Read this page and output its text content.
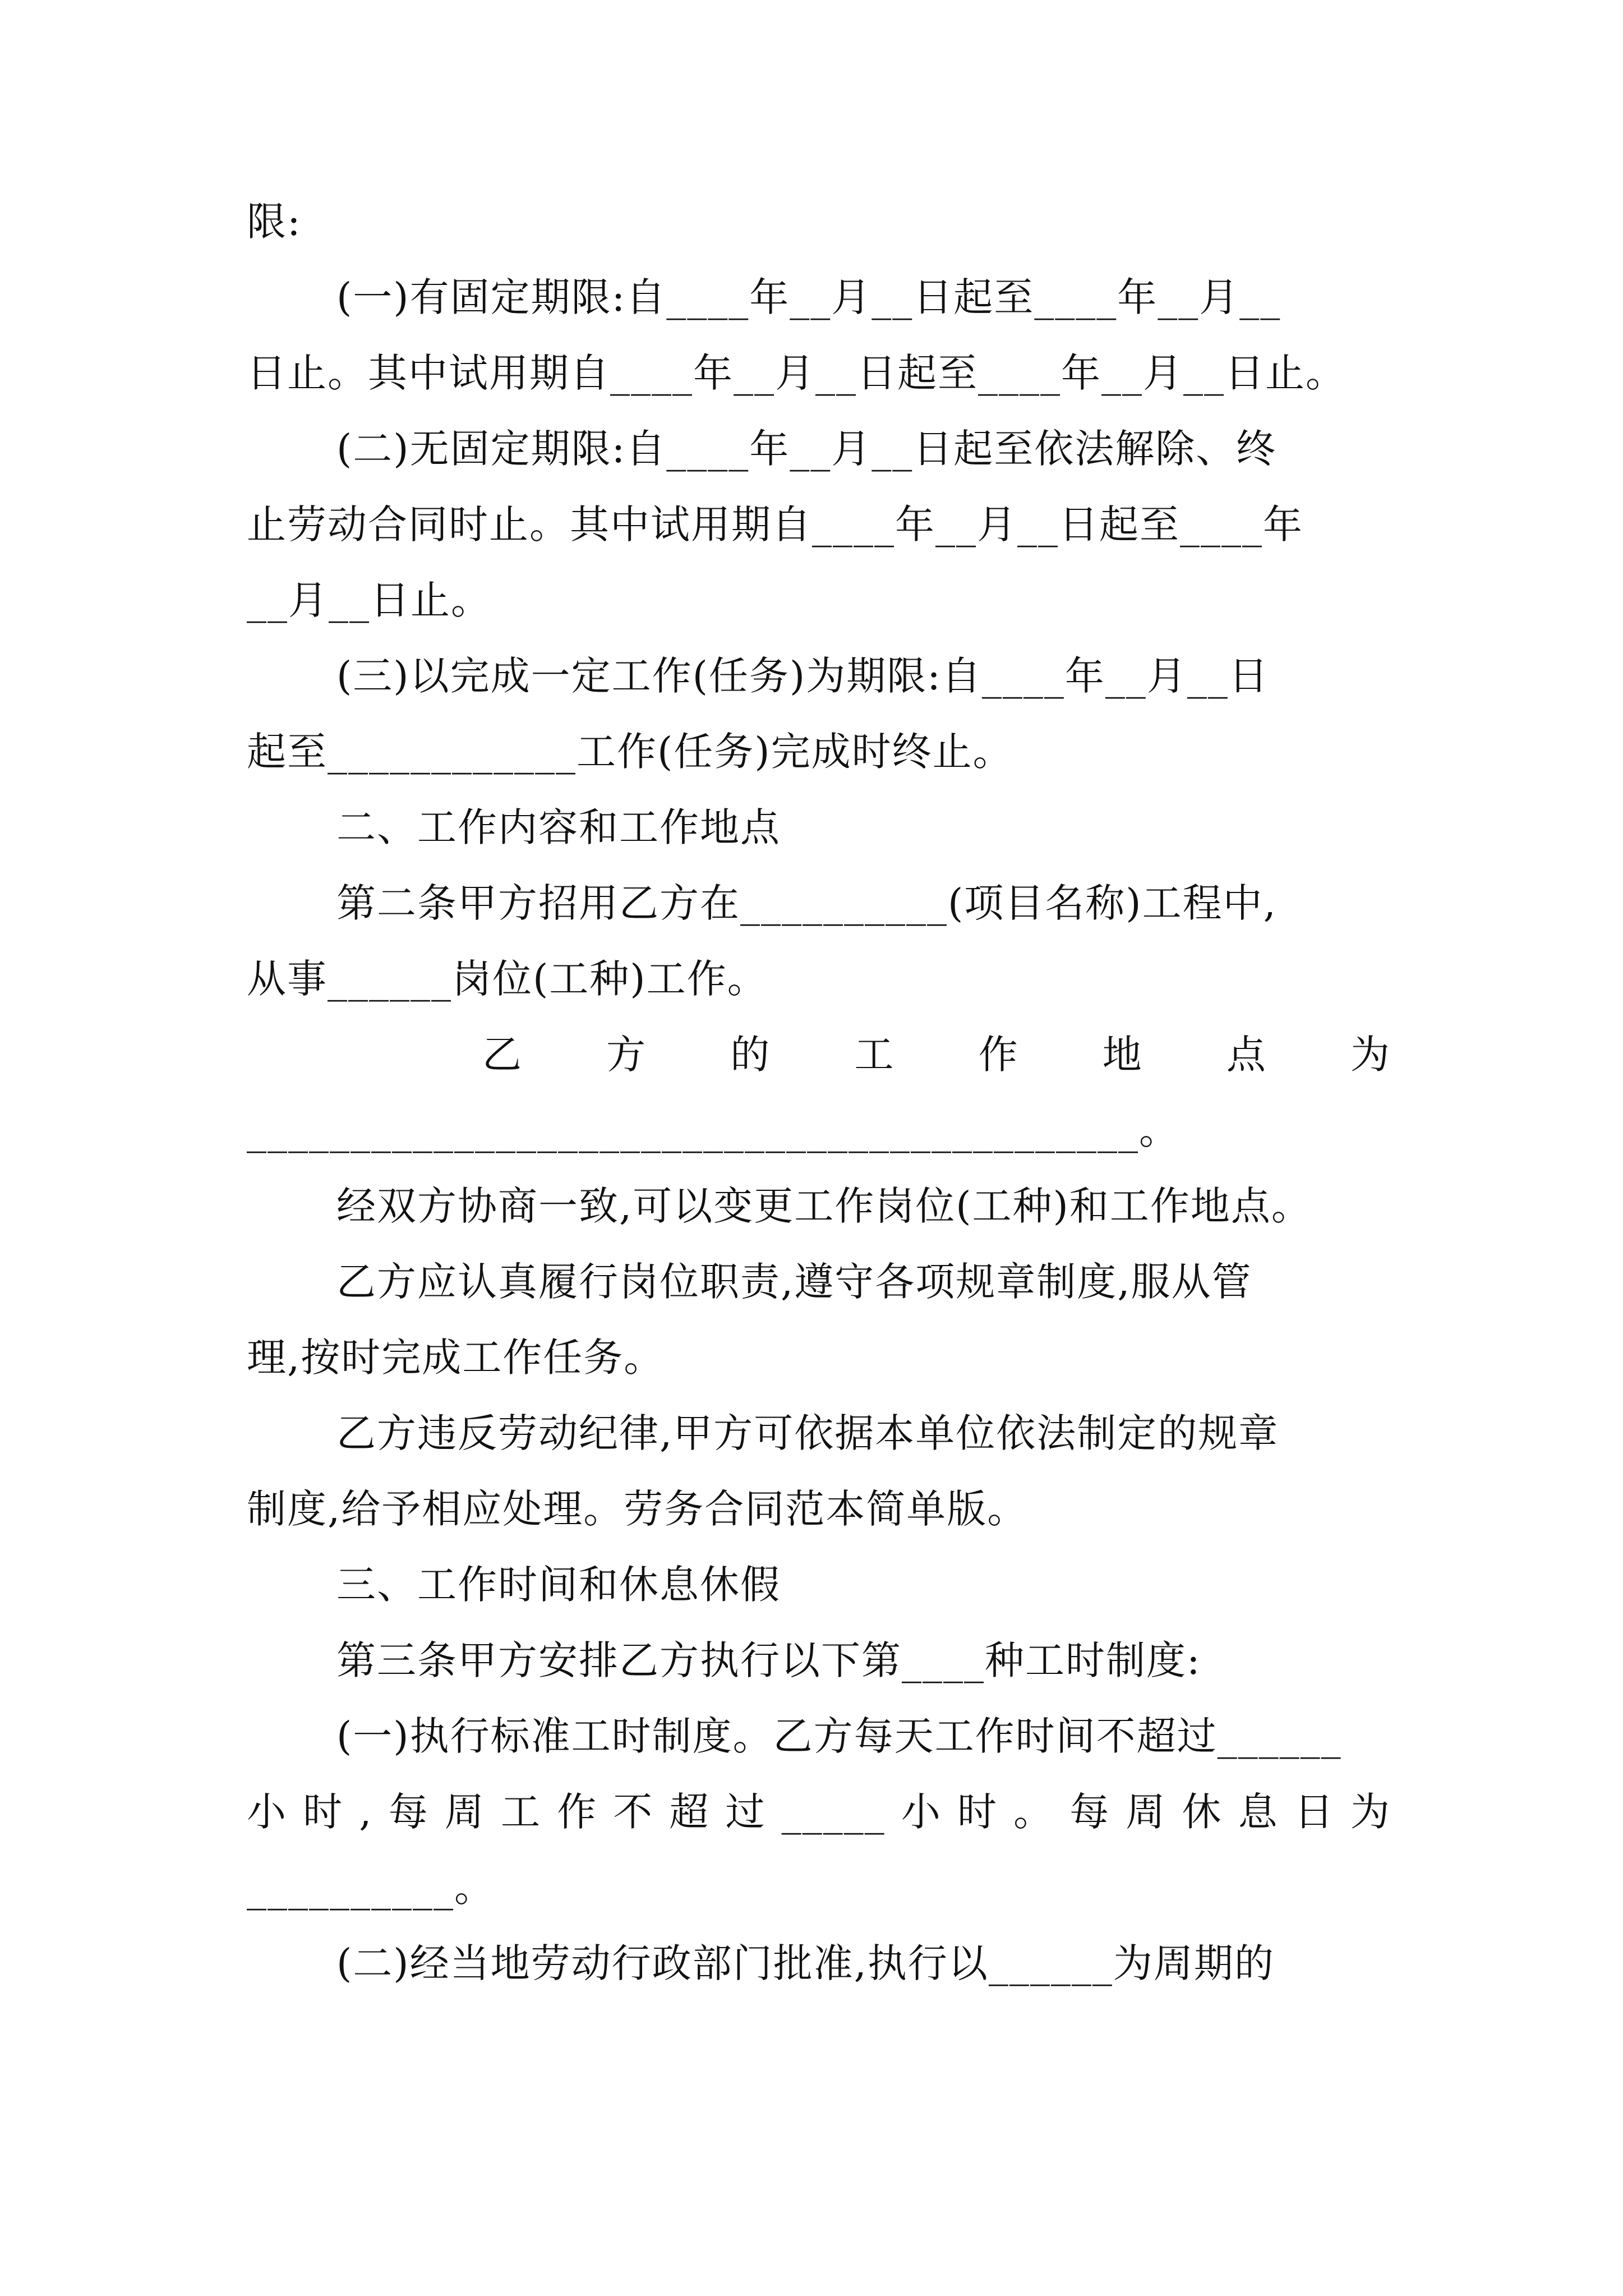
限:
(一)有固定期限:自____年__月__日起至____年__月__
日止。其中试用期自____年__月__日起至____年__月__日止。
(二)无固定期限:自____年__月__日起至依法解除、终
止劳动合同时止。其中试用期自____年__月__日起至____年
__月__日止。
(三)以完成一定工作(任务)为期限:自____年__月__日
起至____________工作(任务)完成时终止。
二、工作内容和工作地点
第二条甲方招用乙方在__________(项目名称)工程中,
从事______岗位(工种)工作。
乙 方 的 工 作 地 点 为
___________________________________________。
经双方协商一致,可以变更工作岗位(工种)和工作地点。
乙方应认真履行岗位职责,遵守各项规章制度,服从管
理,按时完成工作任务。
乙方违反劳动纪律,甲方可依据本单位依法制定的规章
制度,给予相应处理。劳务合同范本简单版。
三、工作时间和休息休假
第三条甲方安排乙方执行以下第____种工时制度:
(一)执行标准工时制度。乙方每天工作时间不超过______
小 时 , 每 周 工 作 不 超 过 _____ 小 时 。 每 周 休 息 日 为
__________。
(二)经当地劳动行政部门批准,执行以______为周期的
